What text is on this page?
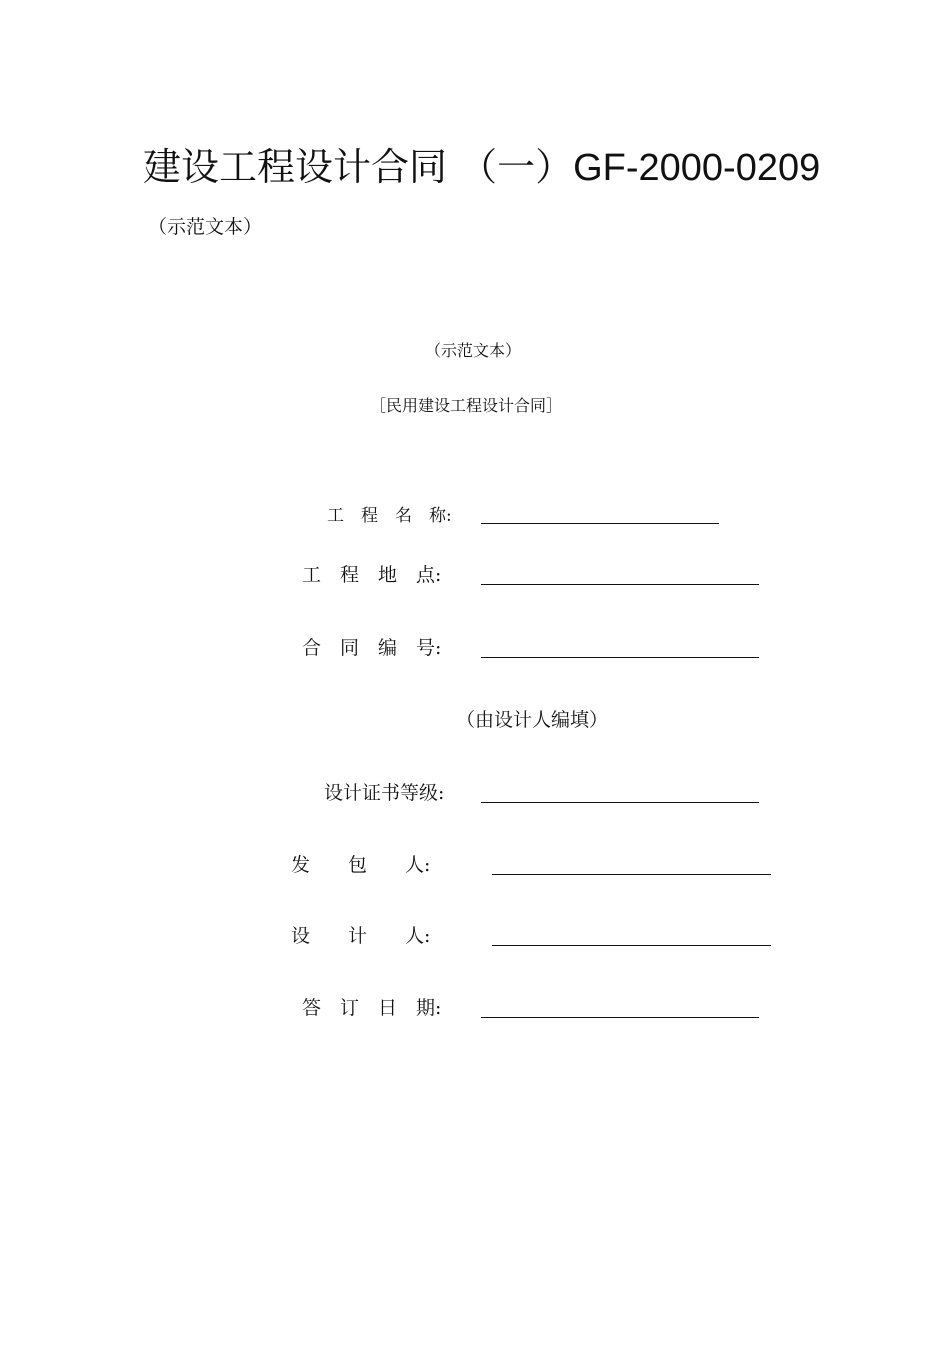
建设工程设计合同 （一）GF-2000-0209
（示范文本）
（示范文本）
［民用建设工程设计合同］
工　程　名　称:
工　程　地　点:
合　同　编　号:
（由设计人编填）
设计证书等级:
发　　包　　人:
设　　计　　人:
答　订　日　期:
